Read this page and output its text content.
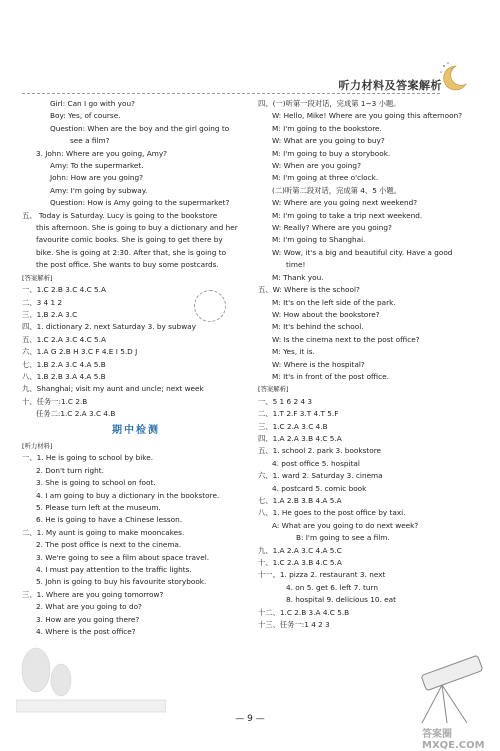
听力材料及答案解析
Girl: Can I go with you?
Boy: Yes, of course.
Question: When are the boy and the girl going to
see a film?
3. John: Where are you going, Amy?
Amy: To the supermarket.
John: How are you going?
Amy: I'm going by subway.
Question: How is Amy going to the supermarket?
五、 Today is Saturday. Lucy is going to the bookstore
this afternoon. She is going to buy a dictionary and her
favourite comic books. She is going to get there by
bike. She is going at 2:30. After that, she is going to
the post office. She wants to buy some postcards.
[答案解析]
一、1.C 2.B 3.C 4.C 5.A
二、3 4 1 2
三、1.B 2.A 3.C
四、1. dictionary 2. next Saturday 3. by subway
五、1.C 2.A 3.C 4.C 5.A
六、1.A G 2.B H 3.C F 4.E I 5.D J
七、1.B 2.A 3.C 4.A 5.B
八、1.B 2.B 3.A 4.A 5.B
九、Shanghai; visit my aunt and uncle; next week
十、任务一:1.C 2.B
任务二:1.C 2.A 3.C 4.B
期中检测
[听力材料]
一、1. He is going to school by bike.
2. Don't turn right.
3. She is going to school on foot.
4. I am going to buy a dictionary in the bookstore.
5. Please turn left at the museum.
6. He is going to have a Chinese lesson.
二、1. My aunt is going to make mooncakes.
2. The post office is next to the cinema.
3. We're going to see a film about space travel.
4. I must pay attention to the traffic lights.
5. John is going to buy his favourite storybook.
三、1. Where are you going tomorrow?
2. What are you going to do?
3. How are you going there?
4. Where is the post office?
四、(一)听第一段对话，完成第 1~3 小题。
W: Hello, Mike! Where are you going this afternoon?
M: I'm going to the bookstore.
W: What are you going to buy?
M: I'm going to buy a storybook.
W: When are you going?
M: I'm going at three o'clock.
(二)听第二段对话，完成第 4、5 小题。
W: Where are you going next weekend?
M: I'm going to take a trip next weekend.
W: Really? Where are you going?
M: I'm going to Shanghai.
W: Wow, it's a big and beautiful city. Have a good
time!
M: Thank you.
五、W: Where is the school?
M: It's on the left side of the park.
W: How about the bookstore?
M: It's behind the school.
W: Is the cinema next to the post office?
M: Yes, it is.
W: Where is the hospital?
M: It's in front of the post office.
[答案解析]
一、5 1 6 2 4 3
二、1.T 2.F 3.T 4.T 5.F
三、1.C 2.A 3.C 4.B
四、1.A 2.A 3.B 4.C 5.A
五、1. school 2. park 3. bookstore
4. post office 5. hospital
六、1. ward 2. Saturday 3. cinema
4. postcard 5. comic book
七、1.A 2.B 3.B 4.A 5.A
八、1. He goes to the post office by taxi.
A: What are you going to do next week?
B: I'm going to see a film.
九、1.A 2.A 3.C 4.A 5.C
十、1.C 2.A 3.B 4.C 5.A
十一、1. pizza 2. restaurant 3. next
4. on 5. get 6. left 7. turn
8. hospital 9. delicious 10. eat
十二、1.C 2.B 3.A 4.C 5.B
十三、任务一:1 4 2 3
— 9 —
答案圈 MXQE.COM
